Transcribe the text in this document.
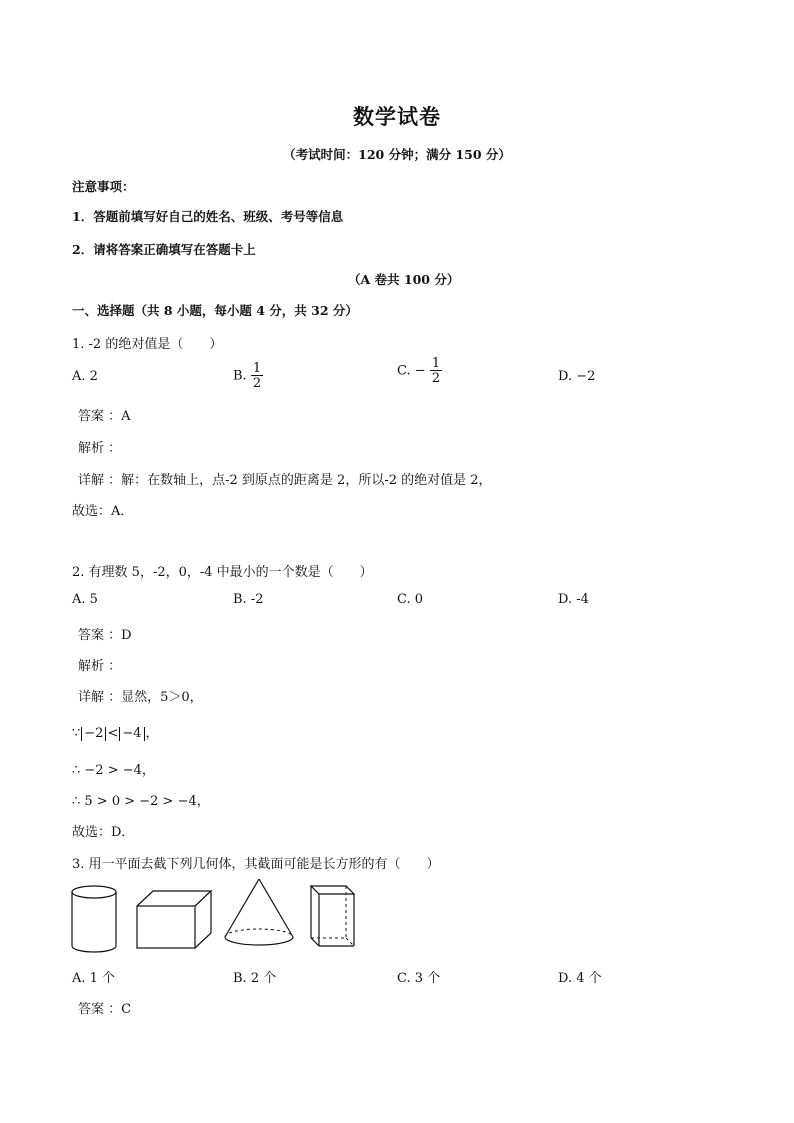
数学试卷
（考试时间：120 分钟；满分 150 分）
注意事项：
1．答题前填写好自己的姓名、班级、考号等信息
2．请将答案正确填写在答题卡上
（A 卷共 100 分）
一、选择题（共 8 小题，每小题 4 分，共 32 分）
1. -2 的绝对值是（　　）
A. 2	B. $\frac{1}{2}$	C. − $\frac{1}{2}$	D. −2
答案 ：A
解析 ：
详解 ：解：在数轴上，点-2 到原点的距离是 2，所以-2 的绝对值是 2，
故选：A．
2. 有理数 5，-2，0，-4 中最小的一个数是（　　）
A. 5	B. -2	C. 0	D. -4
答案 ：D
解析 ：
详解 ：显然，5＞0，
∵ −2 < −4 ，
∴ −2 > −4，
∴ 5 > 0 > −2 > −4，
故选：D．
3. 用一平面去截下列几何体，其截面可能是长方形的有（　　）
A. 1 个	B. 2 个	C. 3 个	D. 4 个
答案 ：C
